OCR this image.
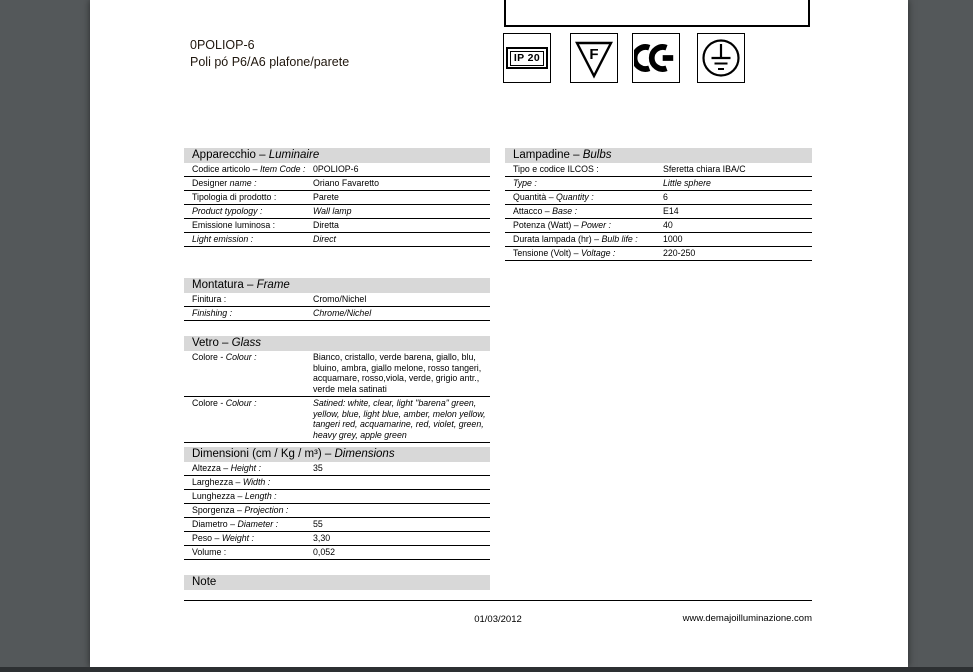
0POLIOP-6
Poli pó P6/A6 plafone/parete	IP 20	F
Apparecchio – Luminaire
Codice articolo – Item Code : 0POLIOP-6
Designer name :	Oriano Favaretto
Tipologia di prodotto :	Parete
Product typology :	Wall lamp
Emissione luminosa :	Diretta
Light emission :	Direct
Lampadine – Bulbs
Tipo e codice ILCOS :	Sferetta chiara IBA/C
Type :	Little sphere
Quantità – Quantity :	6
Attacco – Base :	E14
Potenza (Watt) – Power :	40
Durata lampada (hr) – Bulb life :	1000
Tensione (Volt) – Voltage :	220-250
Montatura – Frame
Finitura :	Cromo/Nichel
Finishing :	Chrome/Nichel
Vetro – Glass
Colore - Colour :	Bianco, cristallo, verde barena, giallo, blu, bluino, ambra, giallo melone, rosso tangeri, acquamare, rosso,viola, verde, grigio antr., verde mela satinati
Colore - Colour :	Satined: white, clear, light "barena" green, yellow, blue, light blue, amber, melon yellow, tangeri red, acquamarine, red, violet, green, heavy grey, apple green
Dimensioni (cm / Kg / m³) – Dimensions
Altezza – Height :	35
Larghezza – Width :
Lunghezza – Length :
Sporgenza – Projection :
Diametro – Diameter :	55
Peso – Weight :	3,30
Volume :	0,052
Note
01/03/2012	www.demajoilluminazione.com
